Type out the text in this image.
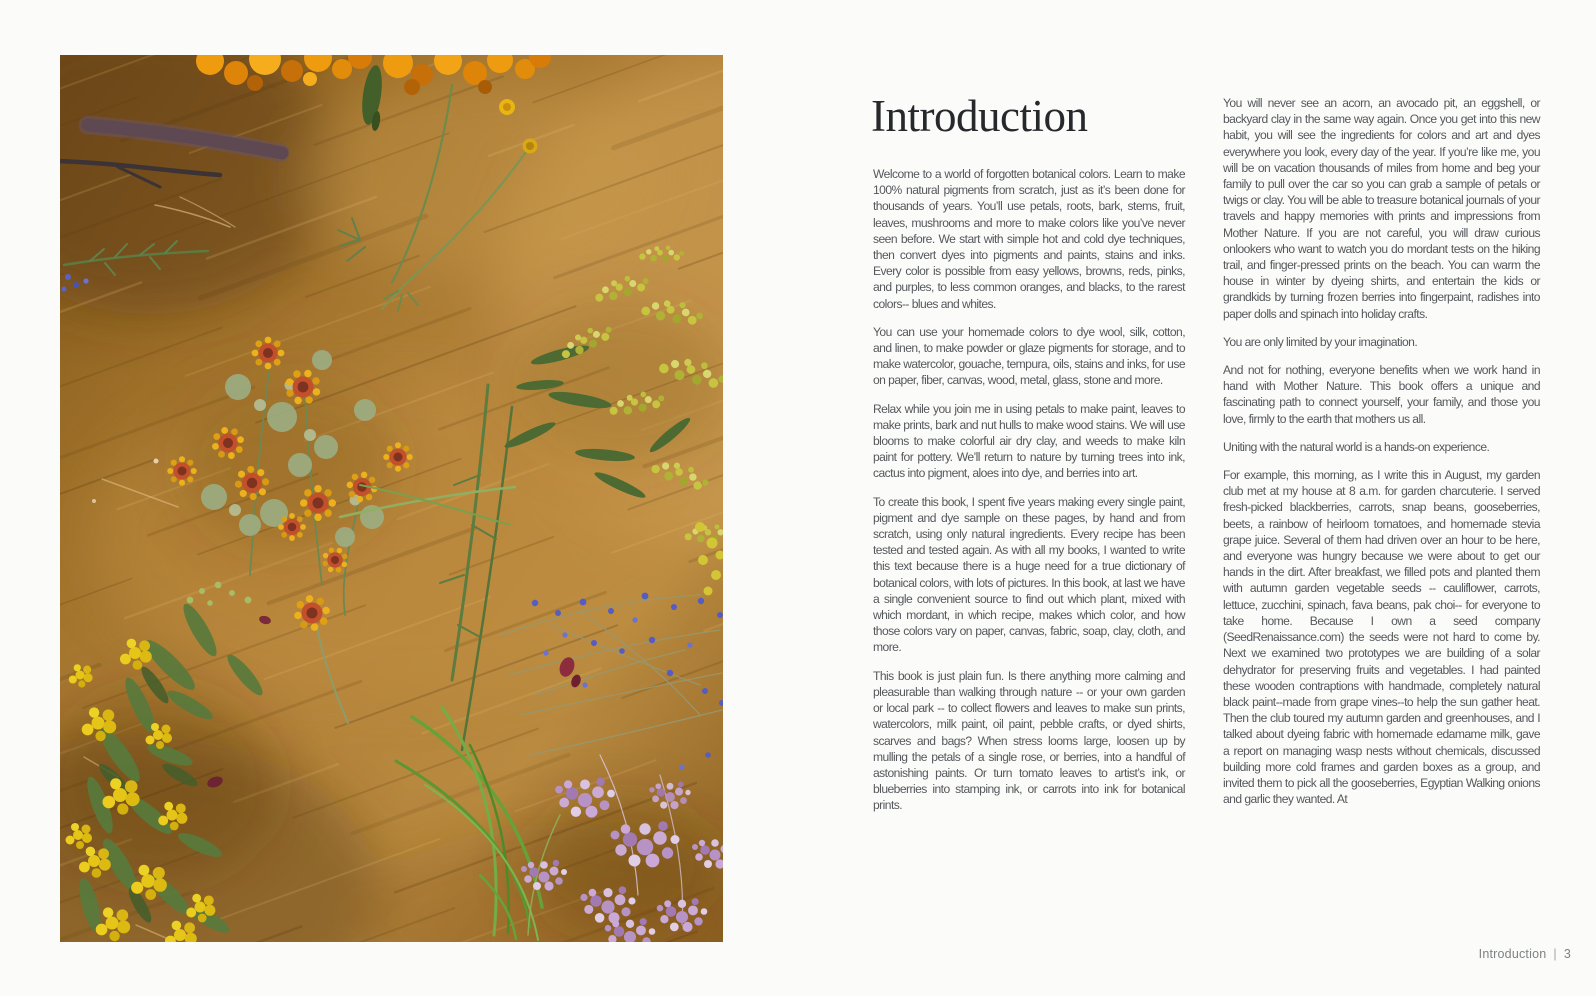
Introduction

Welcome to a world of forgotten botanical colors. Learn to make 100% natural pigments from scratch, just as it’s been done for thousands of years. You’ll use petals, roots, bark, stems, fruit, leaves, mushrooms and more to make colors like you’ve never seen before. We start with simple hot and cold dye techniques, then convert dyes into pigments and paints, stains and inks. Every color is possible from easy yellows, browns, reds, pinks, and purples, to less common oranges, and blacks, to the rarest colors-- blues and whites.

You can use your homemade colors to dye wool, silk, cotton, and linen, to make powder or glaze pigments for storage, and to make watercolor, gouache, tempura, oils, stains and inks, for use on paper, fiber, canvas, wood, metal, glass, stone and more.

Relax while you join me in using petals to make paint, leaves to make prints, bark and nut hulls to make wood stains. We will use blooms to make colorful air dry clay, and weeds to make kiln paint for pottery. We’ll return to nature by turning trees into ink, cactus into pigment, aloes into dye, and berries into art.

To create this book, I spent five years making every single paint, pigment and dye sample on these pages, by hand and from scratch, using only natural ingredients. Every recipe has been tested and tested again. As with all my books, I wanted to write this text because there is a huge need for a true dictionary of botanical colors, with lots of pictures. In this book, at last we have a single convenient source to find out which plant, mixed with which mordant, in which recipe, makes which color, and how those colors vary on paper, canvas, fabric, soap, clay, cloth, and more.

This book is just plain fun. Is there anything more calming and pleasurable than walking through nature -- or your own garden or local park -- to collect flowers and leaves to make sun prints, watercolors, milk paint, oil paint, pebble crafts, or dyed shirts, scarves and bags? When stress looms large, loosen up by mulling the petals of a single rose, or berries, into a handful of astonishing paints. Or turn tomato leaves to artist’s ink, or blueberries into stamping ink, or carrots into ink for botanical prints.

You will never see an acorn, an avocado pit, an eggshell, or backyard clay in the same way again. Once you get into this new habit, you will see the ingredients for colors and art and dyes everywhere you look, every day of the year. If you’re like me, you will be on vacation thousands of miles from home and beg your family to pull over the car so you can grab a sample of petals or twigs or clay. You will be able to treasure botanical journals of your travels and happy memories with prints and impressions from Mother Nature. If you are not careful, you will draw curious onlookers who want to watch you do mordant tests on the hiking trail, and finger-pressed prints on the beach. You can warm the house in winter by dyeing shirts, and entertain the kids or grandkids by turning frozen berries into fingerpaint, radishes into paper dolls and spinach into holiday crafts.

You are only limited by your imagination.

And not for nothing, everyone benefits when we work hand in hand with Mother Nature. This book offers a unique and fascinating path to connect yourself, your family, and those you love, firmly to the earth that mothers us all.

Uniting with the natural world is a hands-on experience.

For example, this morning, as I write this in August, my garden club met at my house at 8 a.m. for garden charcuterie. I served fresh-picked blackberries, carrots, snap beans, gooseberries, beets, a rainbow of heirloom tomatoes, and homemade stevia grape juice. Several of them had driven over an hour to be here, and everyone was hungry because we were about to get our hands in the dirt. After breakfast, we filled pots and planted them with autumn garden vegetable seeds -- cauliflower, carrots, lettuce, zucchini, spinach, fava beans, pak choi-- for everyone to take home. Because I own a seed company (SeedRenaissance.com) the seeds were not hard to come by. Next we examined two prototypes we are building of a solar dehydrator for preserving fruits and vegetables. I had painted these wooden contraptions with handmade, completely natural black paint--made from grape vines--to help the sun gather heat. Then the club toured my autumn garden and greenhouses, and I talked about dyeing fabric with homemade edamame milk, gave a report on managing wasp nests without chemicals, discussed building more cold frames and garden boxes as a group, and invited them to pick all the gooseberries, Egyptian Walking onions and garlic they wanted. At

Introduction | 3
